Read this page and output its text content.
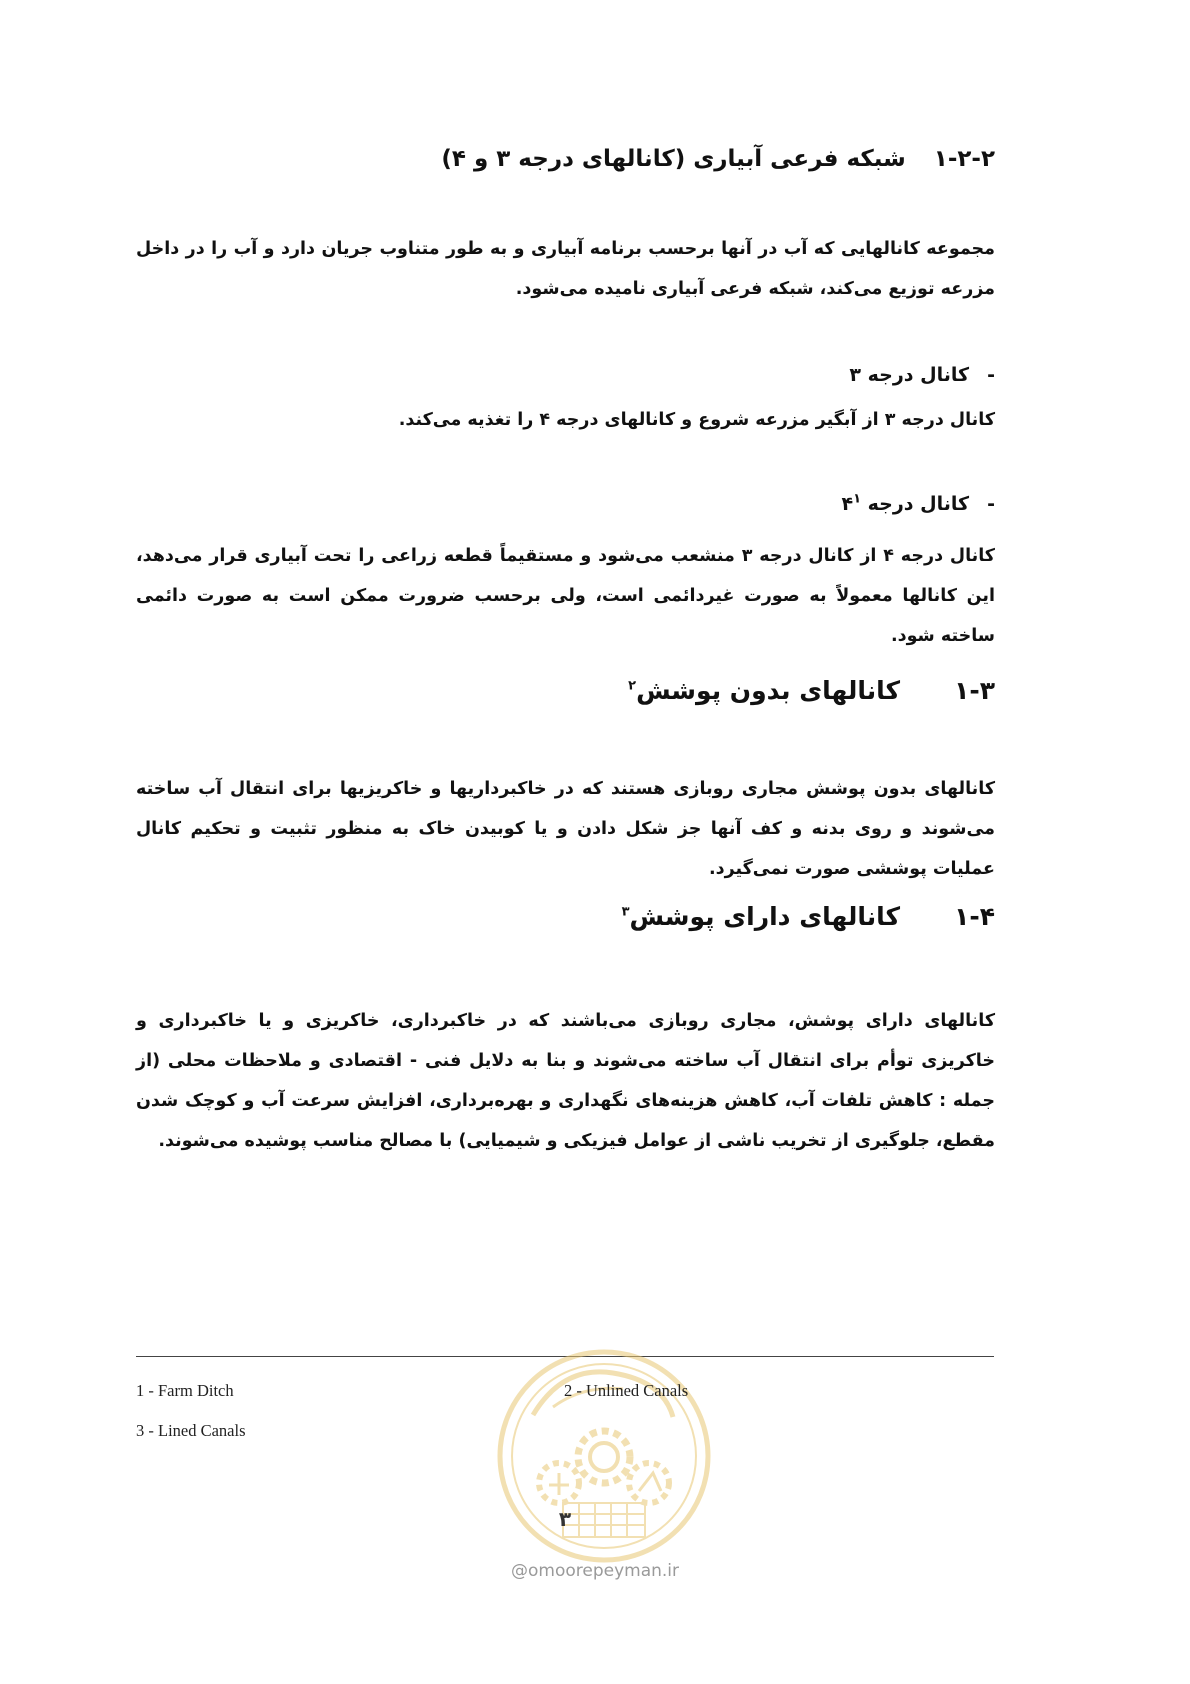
۱-۲-۲شبکه فرعی آبیاری (کانالهای درجه ۳ و ۴)
مجموعه کانالهایی که آب در آنها برحسب برنامه آبیاری و به طور متناوب جریان دارد و آب را در داخل مزرعه توزیع می‌کند، شبکه فرعی آبیاری نامیده می‌شود.
-کانال درجه ۳
کانال درجه ۳ از آبگیر مزرعه شروع و کانالهای درجه ۴ را تغذیه می‌کند.
-کانال درجه $۴^۱$
کانال درجه ۴ از کانال درجه ۳ منشعب می‌شود و مستقیماً قطعه زراعی را تحت آبیاری قرار می‌دهد، این کانالها معمولاً به صورت غیردائمی است، ولی برحسب ضرورت ممکن است به صورت دائمی ساخته شود.
۱-۳کانالهای بدون پوشش$^۲$
کانالهای بدون پوشش مجاری روبازی هستند که در خاکبرداریها و خاکریزیها برای انتقال آب ساخته می‌شوند و روی بدنه و کف آنها جز شکل دادن و یا کوبیدن خاک به منظور تثبیت و تحکیم کانال عملیات پوششی صورت نمی‌گیرد.
۱-۴کانالهای دارای پوشش$^۳$
کانالهای دارای پوشش، مجاری روبازی می‌باشند که در خاکبرداری، خاکریزی و یا خاکبرداری و خاکریزی توأم برای انتقال آب ساخته می‌شوند و بنا به دلایل فنی - اقتصادی و ملاحظات محلی (از جمله : کاهش تلفات آب، کاهش هزینه‌های نگهداری و بهره‌برداری، افزایش سرعت آب و کوچک شدن مقطع، جلوگیری از تخریب ناشی از عوامل فیزیکی و شیمیایی) با مصالح مناسب پوشیده می‌شوند.
1 - Farm Ditch	2 - Unlined Canals
3 - Lined Canals
۳
@omoorepeyman.ir
